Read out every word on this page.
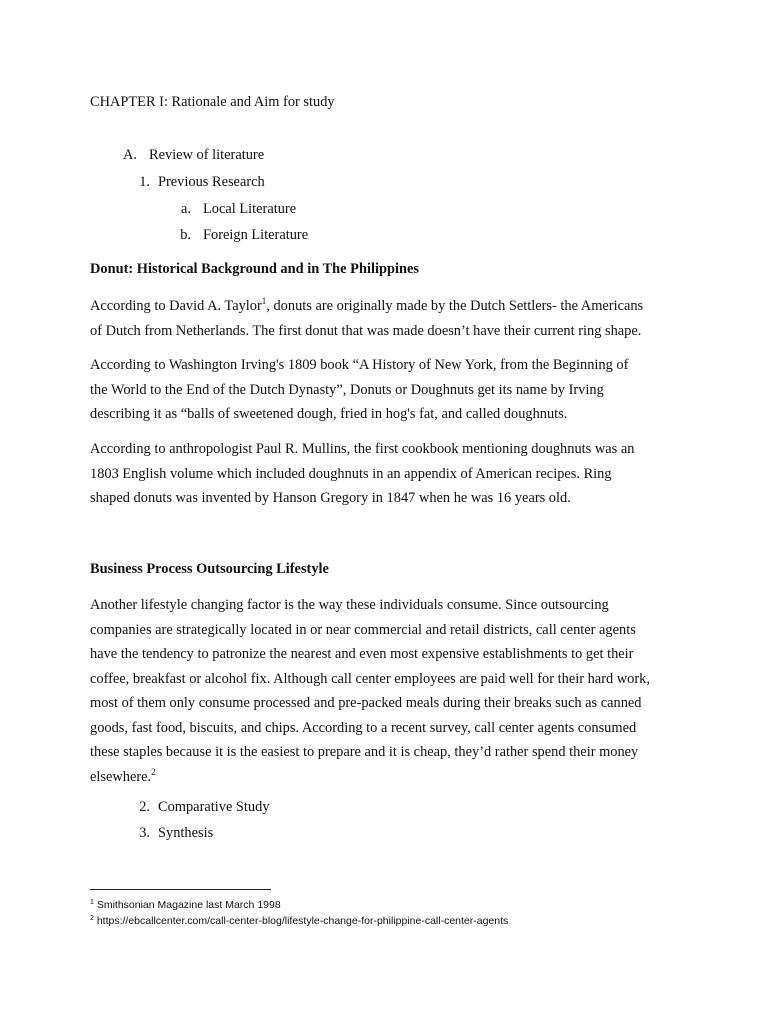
CHAPTER I: Rationale and Aim for study
A. Review of literature
1. Previous Research
a. Local Literature
b. Foreign Literature
Donut: Historical Background and in The Philippines
According to David A. Taylor$^1$, donuts are originally made by the Dutch Settlers- the Americans
of Dutch from Netherlands. The first donut that was made doesn’t have their current ring shape.
According to Washington Irving's 1809 book “A History of New York, from the Beginning of
the World to the End of the Dutch Dynasty”, Donuts or Doughnuts get its name by Irving
describing it as “balls of sweetened dough, fried in hog's fat, and called doughnuts.
According to anthropologist Paul R. Mullins, the first cookbook mentioning doughnuts was an
1803 English volume which included doughnuts in an appendix of American recipes. Ring
shaped donuts was invented by Hanson Gregory in 1847 when he was 16 years old.
Business Process Outsourcing Lifestyle
Another lifestyle changing factor is the way these individuals consume. Since outsourcing
companies are strategically located in or near commercial and retail districts, call center agents
have the tendency to patronize the nearest and even most expensive establishments to get their
coffee, breakfast or alcohol fix. Although call center employees are paid well for their hard work,
most of them only consume processed and pre-packed meals during their breaks such as canned
goods, fast food, biscuits, and chips. According to a recent survey, call center agents consumed
these staples because it is the easiest to prepare and it is cheap, they’d rather spend their money
elsewhere.$^2$
2. Comparative Study
3. Synthesis
$^1$ Smithsonian Magazine last March 1998
$^2$ https://ebcallcenter.com/call-center-blog/lifestyle-change-for-philippine-call-center-agents
